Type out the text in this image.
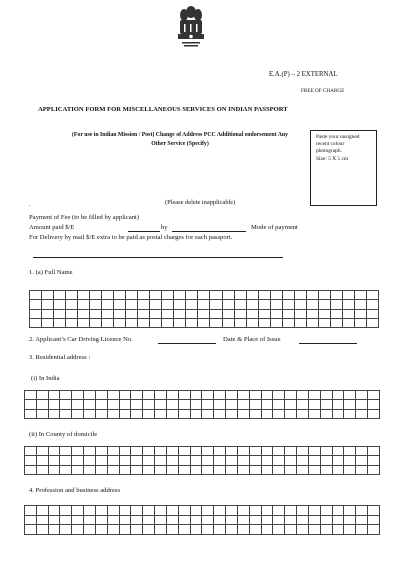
E.A.(P) – 2 EXTERNAL
FREE OF CHARGE
APPLICATION FORM FOR MISCELLANEOUS SERVICES ON INDIAN PASSPORT
(For use in Indian Mission / Post) Change of Address PCC Additional endorsement Any Other Service (Specify)
Paste your unsigned
recent colour
photograph.
Size: 5 X 5 cm
.	(Please delete inapplicable)
Payment of Fee (to be filled by applicant)
Amount paid $/E	by	Mode of payment
For Delivery by mail $/E extra to be paid as postal charges for each passport.
1. (a) Full Name

2. Applicant’s Car Driving Licence No.	Date & Place of Issue
3. Residential address :
(i) In India

(ii) In County of domicile

4. Profession and business address
